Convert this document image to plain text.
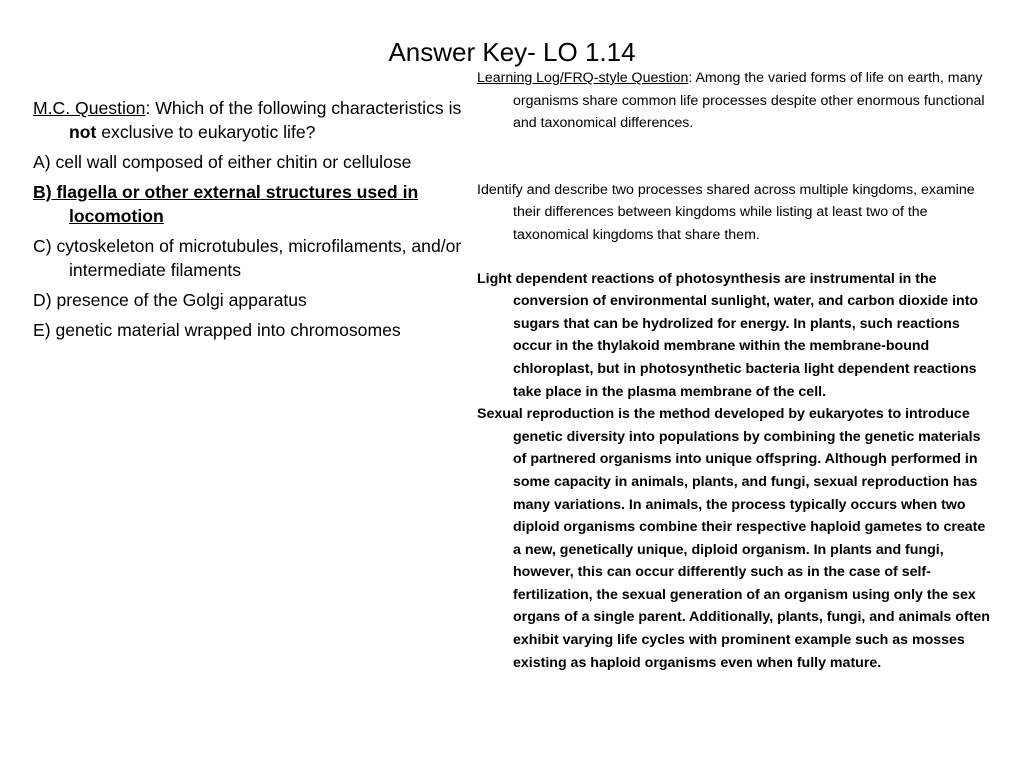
Answer Key- LO 1.14

M.C. Question: Which of the following characteristics is not exclusive to eukaryotic life?

A) cell wall composed of either chitin or cellulose

B) flagella or other external structures used in locomotion

C) cytoskeleton of microtubules, microfilaments, and/or intermediate filaments

D) presence of the Golgi apparatus

E) genetic material wrapped into chromosomes

Learning Log/FRQ-style Question: Among the varied forms of life on earth, many organisms share common life processes despite other enormous functional and taxonomical differences.

Identify and describe two processes shared across multiple kingdoms, examine their differences between kingdoms while listing at least two of the taxonomical kingdoms that share them.

Light dependent reactions of photosynthesis are instrumental in the conversion of environmental sunlight, water, and carbon dioxide into sugars that can be hydrolized for energy. In plants, such reactions occur in the thylakoid membrane within the membrane-bound chloroplast, but in photosynthetic bacteria light dependent reactions take place in the plasma membrane of the cell.

Sexual reproduction is the method developed by eukaryotes to introduce genetic diversity into populations by combining the genetic materials of partnered organisms into unique offspring. Although performed in some capacity in animals, plants, and fungi, sexual reproduction has many variations. In animals, the process typically occurs when two diploid organisms combine their respective haploid gametes to create a new, genetically unique, diploid organism. In plants and fungi, however, this can occur differently such as in the case of self-fertilization, the sexual generation of an organism using only the sex organs of a single parent. Additionally, plants, fungi, and animals often exhibit varying life cycles with prominent example such as mosses existing as haploid organisms even when fully mature.
